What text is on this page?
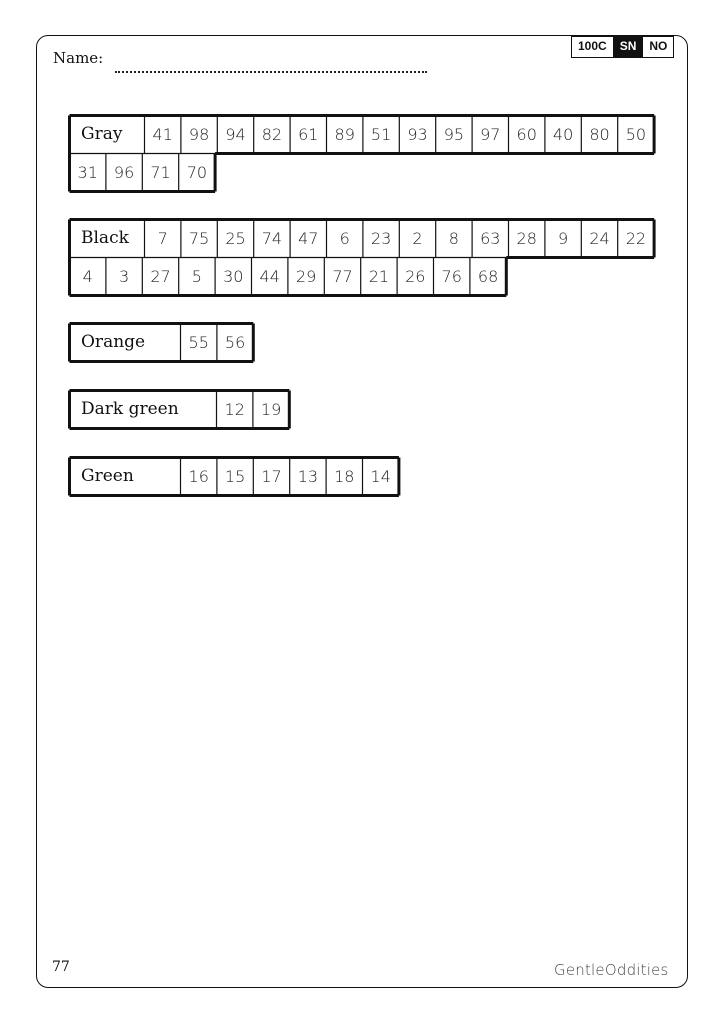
100C	SN	NO
Name:
Gray	41	98	94	82	61	89	51	93	95	97	60	40	80	50
31	96	71	70
Black	7	75	25	74	47	6	23	2	8	63	28	9	24	22
4	3	27	5	30	44	29	77	21	26	76	68
Orange	55	56
Dark green	12	19
Green	16	15	17	13	18	14
77	GentleOddities
